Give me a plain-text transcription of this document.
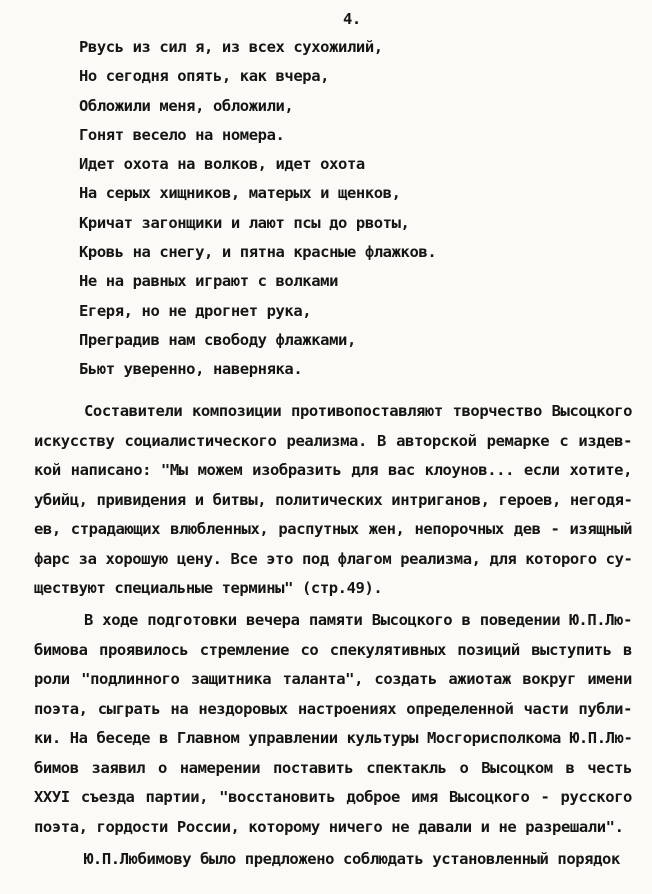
4.

Рвусь из сил я, из всех сухожилий,
Но сегодня опять, как вчера,
Обложили меня, обложили,
Гонят весело на номера.
Идет охота на волков, идет охота
На серых хищников, матерых и щенков,
Кричат загонщики и лают псы до рвоты,
Кровь на снегу, и пятна красные флажков.
Не на равных играют с волками
Егеря, но не дрогнет рука,
Преградив нам свободу флажками,
Бьют уверенно, наверняка.
Составители композиции противопоставляют творчество Высоцкого
искусству социалистического реализма. В авторской ремарке с издев-
кой написано: "Мы можем изобразить для вас клоунов... если хотите,
убийц, привидения и битвы, политических интриганов, героев, негодя-
ев, страдающих влюбленных, распутных жен, непорочных дев - изящный
фарс за хорошую цену. Все это под флагом реализма, для которого су-
ществуют специальные термины" (стр.49).
В ходе подготовки вечера памяти Высоцкого в поведении Ю.П.Лю-
бимова проявилось стремление со спекулятивных позиций выступить в
роли "подлинного защитника таланта", создать ажиотаж вокруг имени
поэта, сыграть на нездоровых настроениях определенной части публи-
ки. На беседе в Главном управлении культуры Мосгорисполкома Ю.П.Лю-
бимов заявил о намерении поставить спектакль о Высоцком в честь
ХХУI съезда партии, "восстановить доброе имя Высоцкого - русского
поэта, гордости России, которому ничего не давали и не разрешали".
Ю.П.Любимову было предложено соблюдать установленный порядок
